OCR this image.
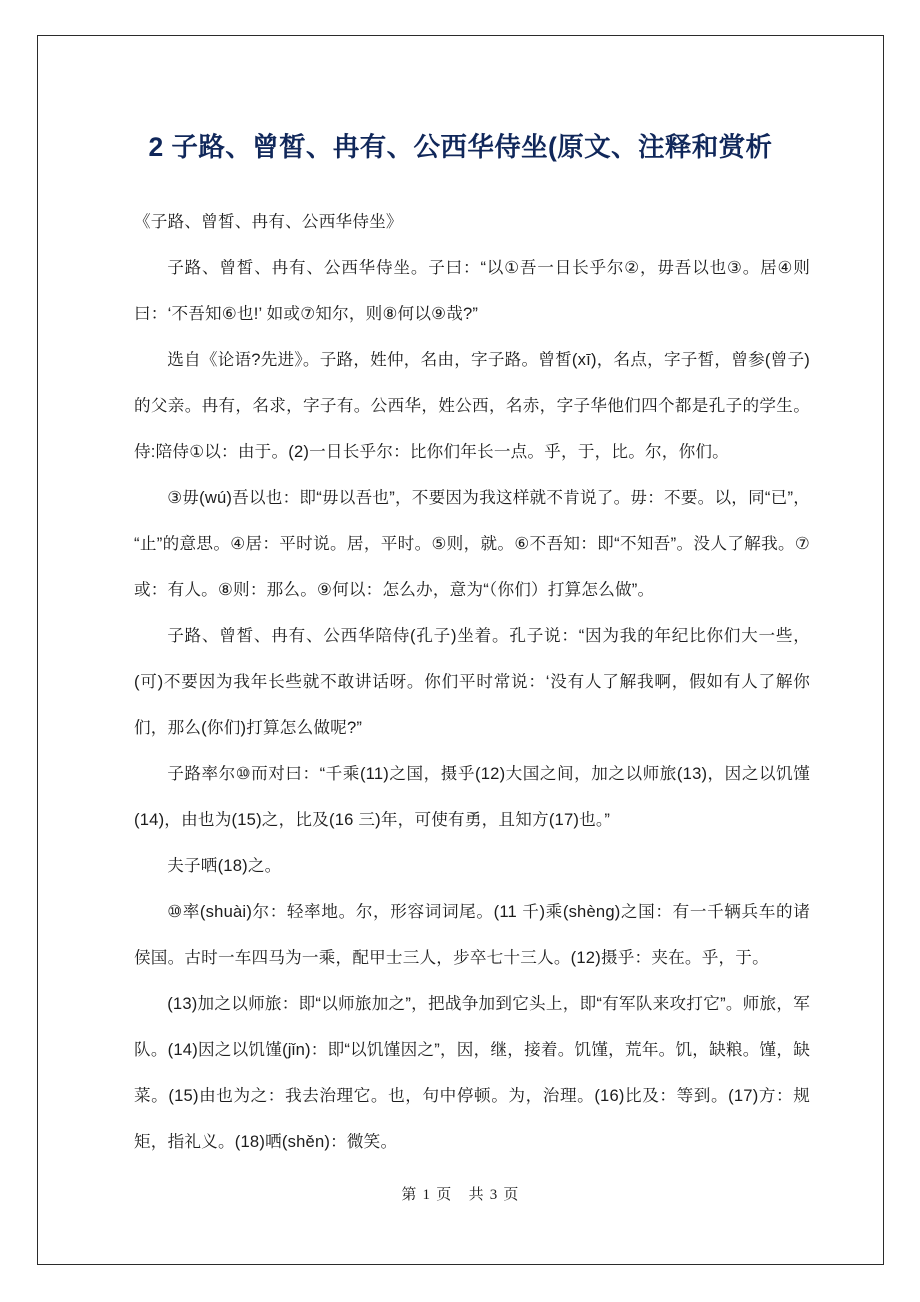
2 子路、曾皙、冉有、公西华侍坐(原文、注释和赏析

《子路、曾皙、冉有、公西华侍坐》

子路、曾皙、冉有、公西华侍坐。子曰：“以①吾一日长乎尔②，毋吾以也③。居④则曰：‘不吾知⑥也!’ 如或⑦知尔，则⑧何以⑨哉?”

选自《论语?先进》。子路，姓仲，名由，字子路。曾皙(xī)，名点，字子皙，曾参(曾子)的父亲。冉有，名求，字子有。公西华，姓公西，名赤，字子华他们四个都是孔子的学生。侍:陪侍①以：由于。(2)一日长乎尔：比你们年长一点。乎，于，比。尔，你们。

③毋(wú)吾以也：即“毋以吾也”，不要因为我这样就不肯说了。毋：不要。以，同“已”，“止”的意思。④居：平时说。居，平时。⑤则，就。⑥不吾知：即“不知吾”。没人了解我。⑦或：有人。⑧则：那么。⑨何以：怎么办，意为“（你们）打算怎么做”。

子路、曾皙、冉有、公西华陪侍(孔子)坐着。孔子说：“因为我的年纪比你们大一些，(可)不要因为我年长些就不敢讲话呀。你们平时常说：‘没有人了解我啊，假如有人了解你们，那么(你们)打算怎么做呢?”

子路率尔⑩而对曰：“千乘(11)之国，摄乎(12)大国之间，加之以师旅(13)，因之以饥馑(14)，由也为(15)之，比及(16 三)年，可使有勇，且知方(17)也。”

夫子哂(18)之。

⑩率(shuài)尔：轻率地。尔，形容词词尾。(11 千)乘(shèng)之国：有一千辆兵车的诸侯国。古时一车四马为一乘，配甲士三人，步卒七十三人。(12)摄乎：夹在。乎，于。

(13)加之以师旅：即“以师旅加之”，把战争加到它头上，即“有军队来攻打它”。师旅，军队。(14)因之以饥馑(jǐn)：即“以饥馑因之”，因，继，接着。饥馑，荒年。饥，缺粮。馑，缺菜。(15)由也为之：我去治理它。也，句中停顿。为，治理。(16)比及：等到。(17)方：规矩，指礼义。(18)哂(shěn)：微笑。

第 1 页　共 3 页
